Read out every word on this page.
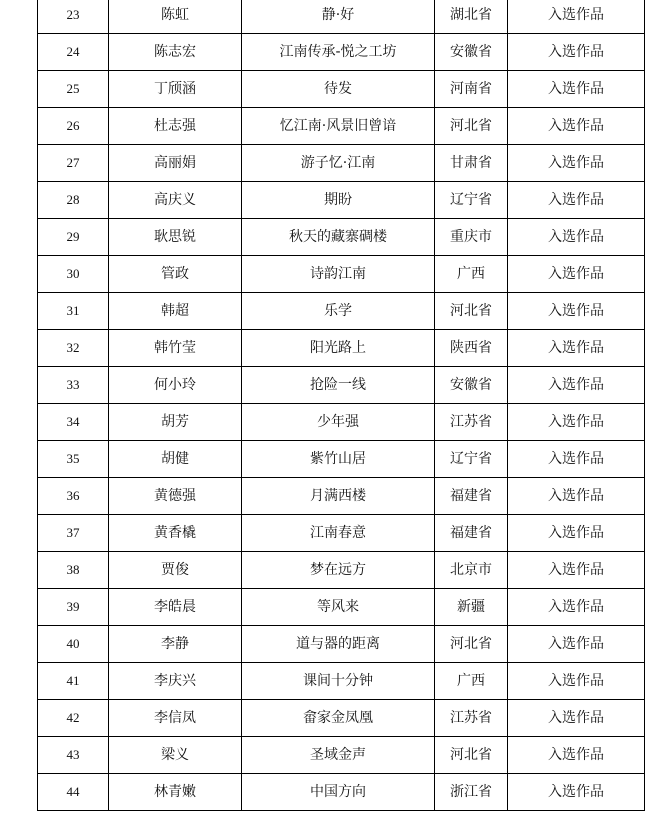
23	陈虹	静·好	湖北省	入选作品
24	陈志宏	江南传承-悦之工坊	安徽省	入选作品
25	丁颀涵	待发	河南省	入选作品
26	杜志强	忆江南·风景旧曾谙	河北省	入选作品
27	高丽娟	游子忆·江南	甘肃省	入选作品
28	高庆义	期盼	辽宁省	入选作品
29	耿思锐	秋天的藏寨碉楼	重庆市	入选作品
30	管政	诗韵江南	广西	入选作品
31	韩超	乐学	河北省	入选作品
32	韩竹莹	阳光路上	陕西省	入选作品
33	何小玲	抢险一线	安徽省	入选作品
34	胡芳	少年强	江苏省	入选作品
35	胡健	紫竹山居	辽宁省	入选作品
36	黄德强	月满西楼	福建省	入选作品
37	黄香橇	江南春意	福建省	入选作品
38	贾俊	梦在远方	北京市	入选作品
39	李皓晨	等风来	新疆	入选作品
40	李静	道与器的距离	河北省	入选作品
41	李庆兴	课间十分钟	广西	入选作品
42	李信凤	畲家金凤凰	江苏省	入选作品
43	梁义	圣域金声	河北省	入选作品
44	林青嫩	中国方向	浙江省	入选作品
